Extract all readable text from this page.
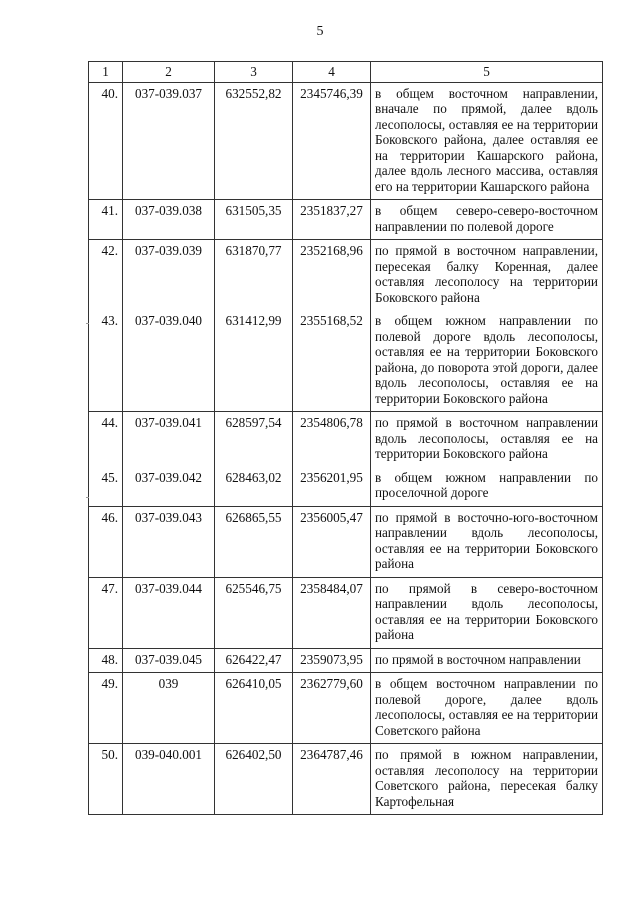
5
1	2	3	4	5
40.	037-039.037	632552,82	2345746,39	в общем восточном направлении, вначале по прямой, далее вдоль лесополосы, оставляя ее на территории Боковского района, далее оставляя ее на территории Кашарского района, далее вдоль лесного массива, оставляя его на территории Кашарского района
41.	037-039.038	631505,35	2351837,27	в общем северо-северо-восточном направлении по полевой дороге
42.	037-039.039	631870,77	2352168,96	по прямой в восточном направлении, пересекая балку Коренная, далее оставляя лесополосу на территории Боковского района
43.	037-039.040	631412,99	2355168,52	в общем южном направлении по полевой дороге вдоль лесополосы, оставляя ее на территории Боковского района, до поворота этой дороги, далее вдоль лесополосы, оставляя ее на территории Боковского района
44.	037-039.041	628597,54	2354806,78	по прямой в восточном направлении вдоль лесополосы, оставляя ее на территории Боковского района
45.	037-039.042	628463,02	2356201,95	в общем южном направлении по проселочной дороге
46.	037-039.043	626865,55	2356005,47	по прямой в восточно-юго-восточном направлении вдоль лесополосы, оставляя ее на территории Боковского района
47.	037-039.044	625546,75	2358484,07	по прямой в северо-восточном направлении вдоль лесополосы, оставляя ее на территории Боковского района
48.	037-039.045	626422,47	2359073,95	по прямой в восточном направлении
49.	039	626410,05	2362779,60	в общем восточном направлении по полевой дороге, далее вдоль лесополосы, оставляя ее на территории Советского района
50.	039-040.001	626402,50	2364787,46	по прямой в южном направлении, оставляя лесополосу на территории Советского района, пересекая балку Картофельная
